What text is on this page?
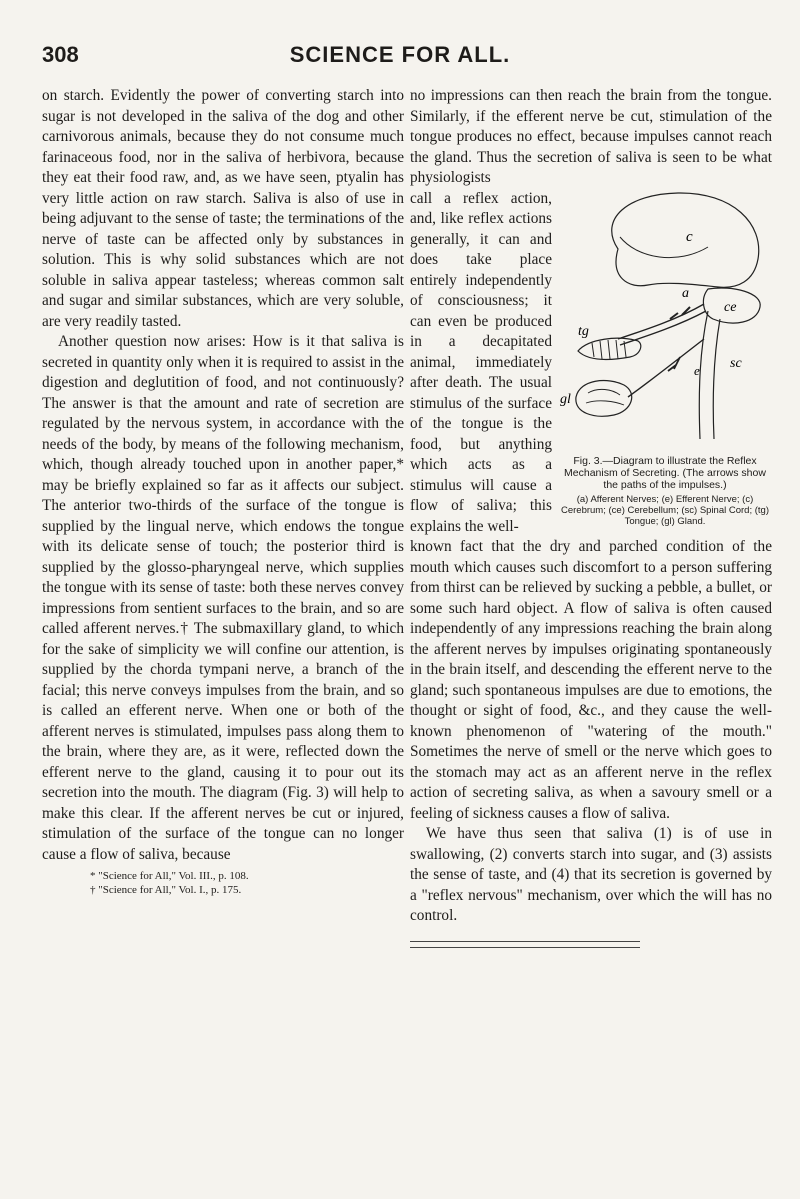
308	SCIENCE FOR ALL.

on starch. Evidently the power of converting starch into sugar is not developed in the saliva of the dog and other carnivorous animals, because they do not consume much farinaceous food, nor in the saliva of herbivora, because they eat their food raw, and, as we have seen, ptyalin has very little action on raw starch. Saliva is also of use in being adjuvant to the sense of taste; the terminations of the nerve of taste can be affected only by substances in solution. This is why solid substances which are not soluble in saliva appear tasteless; whereas common salt and sugar and similar substances, which are very soluble, are very readily tasted.

Another question now arises: How is it that saliva is secreted in quantity only when it is required to assist in the digestion and deglutition of food, and not continuously? The answer is that the amount and rate of secretion are regulated by the nervous system, in accordance with the needs of the body, by means of the following mechanism, which, though already touched upon in another paper,* may be briefly explained so far as it affects our subject. The anterior two-thirds of the surface of the tongue is supplied by the lingual nerve, which endows the tongue with its delicate sense of touch; the posterior third is supplied by the glosso-pharyngeal nerve, which supplies the tongue with its sense of taste: both these nerves convey impressions from sentient surfaces to the brain, and so are called afferent nerves.† The submaxillary gland, to which for the sake of simplicity we will confine our attention, is supplied by the chorda tympani nerve, a branch of the facial; this nerve conveys impulses from the brain, and so is called an efferent nerve. When one or both of the afferent nerves is stimulated, impulses pass along them to the brain, where they are, as it were, reflected down the efferent nerve to the gland, causing it to pour out its secretion into the mouth. The diagram (Fig. 3) will help to make this clear. If the afferent nerves be cut or injured, stimulation of the surface of the tongue can no longer cause a flow of saliva, because

* "Science for All," Vol. III., p. 108.
† "Science for All," Vol. I., p. 175.

no impressions can then reach the brain from the tongue. Similarly, if the efferent nerve be cut, stimulation of the tongue produces no effect, because impulses cannot reach the gland. Thus the secretion of saliva is seen to be what physiologists

c
ce
a
tg
sc
e
gl
Fig. 3.—Diagram to illustrate the Reflex Mechanism of Secreting. (The arrows show the paths of the impulses.)
(a) Afferent Nerves; (e) Efferent Nerve; (c) Cerebrum; (ce) Cerebellum; (sc) Spinal Cord; (tg) Tongue; (gl) Gland.

call a reflex action, and, like reflex actions generally, it can and does take place entirely independently of consciousness; it can even be produced in a decapitated animal, immediately after death. The usual stimulus of the surface of the tongue is the food, but anything which acts as a stimulus will cause a flow of saliva; this explains the well-

known fact that the dry and parched condition of the mouth which causes such discomfort to a person suffering from thirst can be relieved by sucking a pebble, a bullet, or some such hard object. A flow of saliva is often caused independently of any impressions reaching the brain along the afferent nerves by impulses originating spontaneously in the brain itself, and descending the efferent nerve to the gland; such spontaneous impulses are due to emotions, the thought or sight of food, &c., and they cause the well-known phenomenon of "watering of the mouth." Sometimes the nerve of smell or the nerve which goes to the stomach may act as an afferent nerve in the reflex action of secreting saliva, as when a savoury smell or a feeling of sickness causes a flow of saliva.

We have thus seen that saliva (1) is of use in swallowing, (2) converts starch into sugar, and (3) assists the sense of taste, and (4) that its secretion is governed by a "reflex nervous" mechanism, over which the will has no control.
